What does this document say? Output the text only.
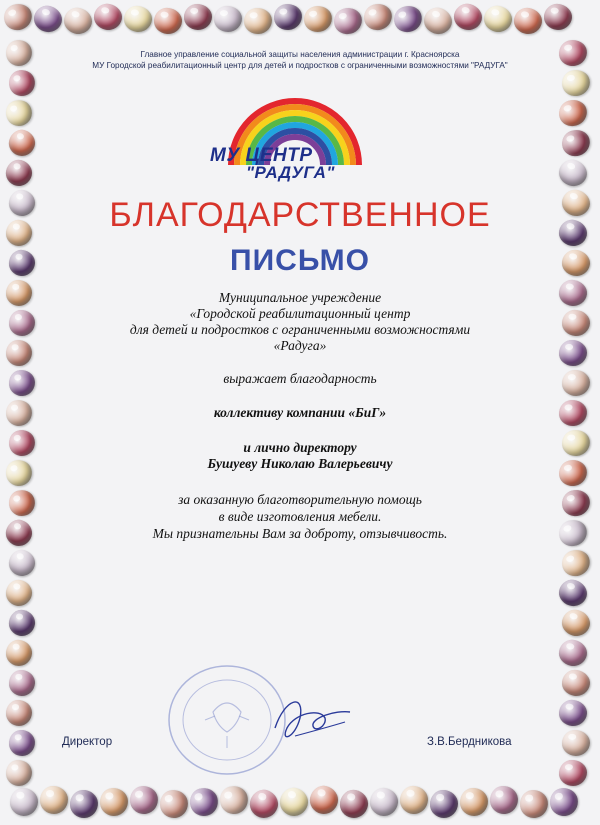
Главное управление социальной защиты населения администрации г. Красноярска
МУ Городской реабилитационный центр для детей и подростков с ограниченными возможностями "РАДУГА"
МУ ЦЕНТР
"РАДУГА"
БЛАГОДАРСТВЕННОЕ
ПИСЬМО
Муниципальное учреждение
«Городской реабилитационный центр
для детей и подростков с ограниченными возможностями
«Радуга»
выражает благодарность
коллективу компании «БиГ»
и лично директору
Бушуеву Николаю Валерьевичу
за оказанную благотворительную помощь
в виде изготовления мебели.
Мы признательны Вам за доброту, отзывчивость.
Директор	З.В.Бердникова
